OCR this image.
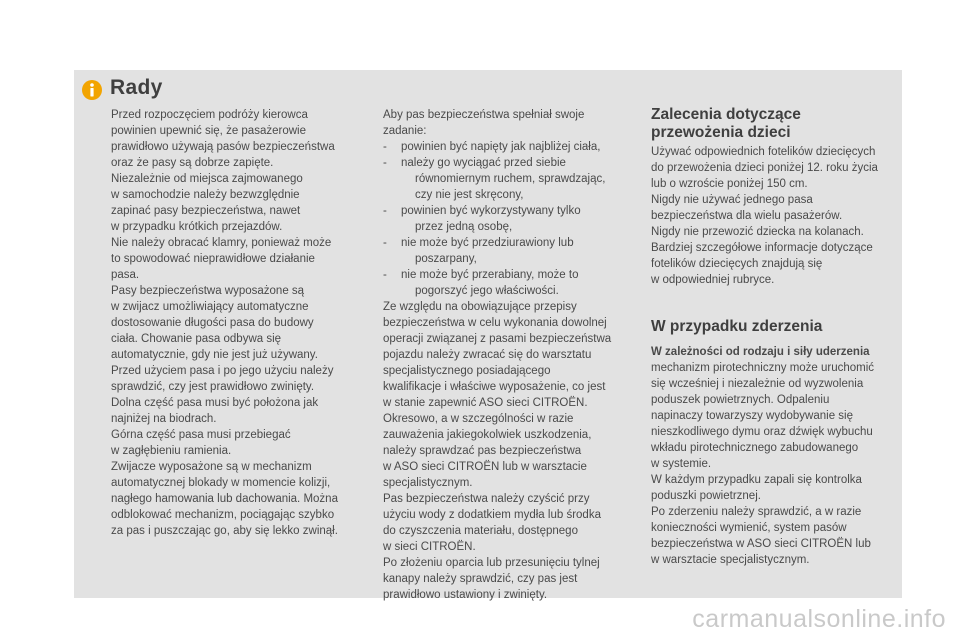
Rady

Przed rozpoczęciem podróży kierowca

powinien upewnić się, że pasażerowie

prawidłowo używają pasów bezpieczeństwa

oraz że pasy są dobrze zapięte.

Niezależnie od miejsca zajmowanego

w samochodzie należy bezwzględnie

zapinać pasy bezpieczeństwa, nawet

w przypadku krótkich przejazdów.

Nie należy obracać klamry, ponieważ może

to spowodować nieprawidłowe działanie

pasa.

Pasy bezpieczeństwa wyposażone są

w zwijacz umożliwiający automatyczne

dostosowanie długości pasa do budowy

ciała. Chowanie pasa odbywa się

automatycznie, gdy nie jest już używany.

Przed użyciem pasa i po jego użyciu należy

sprawdzić, czy jest prawidłowo zwinięty.

Dolna część pasa musi być położona jak

najniżej na biodrach.

Górna część pasa musi przebiegać

w zagłębieniu ramienia.

Zwijacze wyposażone są w mechanizm

automatycznej blokady w momencie kolizji,

nagłego hamowania lub dachowania. Można

odblokować mechanizm, pociągając szybko

za pas i puszczając go, aby się lekko zwinął.

Aby pas bezpieczeństwa spełniał swoje

zadanie:

-	powinien być napięty jak najbliżej ciała,
-	należy go wyciągać przed siebie
równomiernym ruchem, sprawdzając,
czy nie jest skręcony,
-	powinien być wykorzystywany tylko
przez jedną osobę,
-	nie może być przedziurawiony lub
poszarpany,
-	nie może być przerabiany, może to
pogorszyć jego właściwości.

Ze względu na obowiązujące przepisy

bezpieczeństwa w celu wykonania dowolnej

operacji związanej z pasami bezpieczeństwa

pojazdu należy zwracać się do warsztatu

specjalistycznego posiadającego

kwalifikacje i właściwe wyposażenie, co jest

w stanie zapewnić ASO sieci CITROËN.

Okresowo, a w szczególności w razie

zauważenia jakiegokolwiek uszkodzenia,

należy sprawdzać pas bezpieczeństwa

w ASO sieci CITROËN lub w warsztacie

specjalistycznym.

Pas bezpieczeństwa należy czyścić przy

użyciu wody z dodatkiem mydła lub środka

do czyszczenia materiału, dostępnego

w sieci CITROËN.

Po złożeniu oparcia lub przesunięciu tylnej

kanapy należy sprawdzić, czy pas jest

prawidłowo ustawiony i zwinięty.

Zalecenia dotyczące
przewożenia dzieci

Używać odpowiednich fotelików dziecięcych

do przewożenia dzieci poniżej 12. roku życia

lub o wzroście poniżej 150 cm.

Nigdy nie używać jednego pasa

bezpieczeństwa dla wielu pasażerów.

Nigdy nie przewozić dziecka na kolanach.

Bardziej szczegółowe informacje dotyczące

fotelików dziecięcych znajdują się

w odpowiedniej rubryce.

W przypadku zderzenia

W zależności od rodzaju i siły uderzenia

mechanizm pirotechniczny może uruchomić

się wcześniej i niezależnie od wyzwolenia

poduszek powietrznych. Odpaleniu

napinaczy towarzyszy wydobywanie się

nieszkodliwego dymu oraz dźwięk wybuchu

wkładu pirotechnicznego zabudowanego

w systemie.

W każdym przypadku zapali się kontrolka

poduszki powietrznej.

Po zderzeniu należy sprawdzić, a w razie

konieczności wymienić, system pasów

bezpieczeństwa w ASO sieci CITROËN lub

w warsztacie specjalistycznym.

carmanualsonline.info
